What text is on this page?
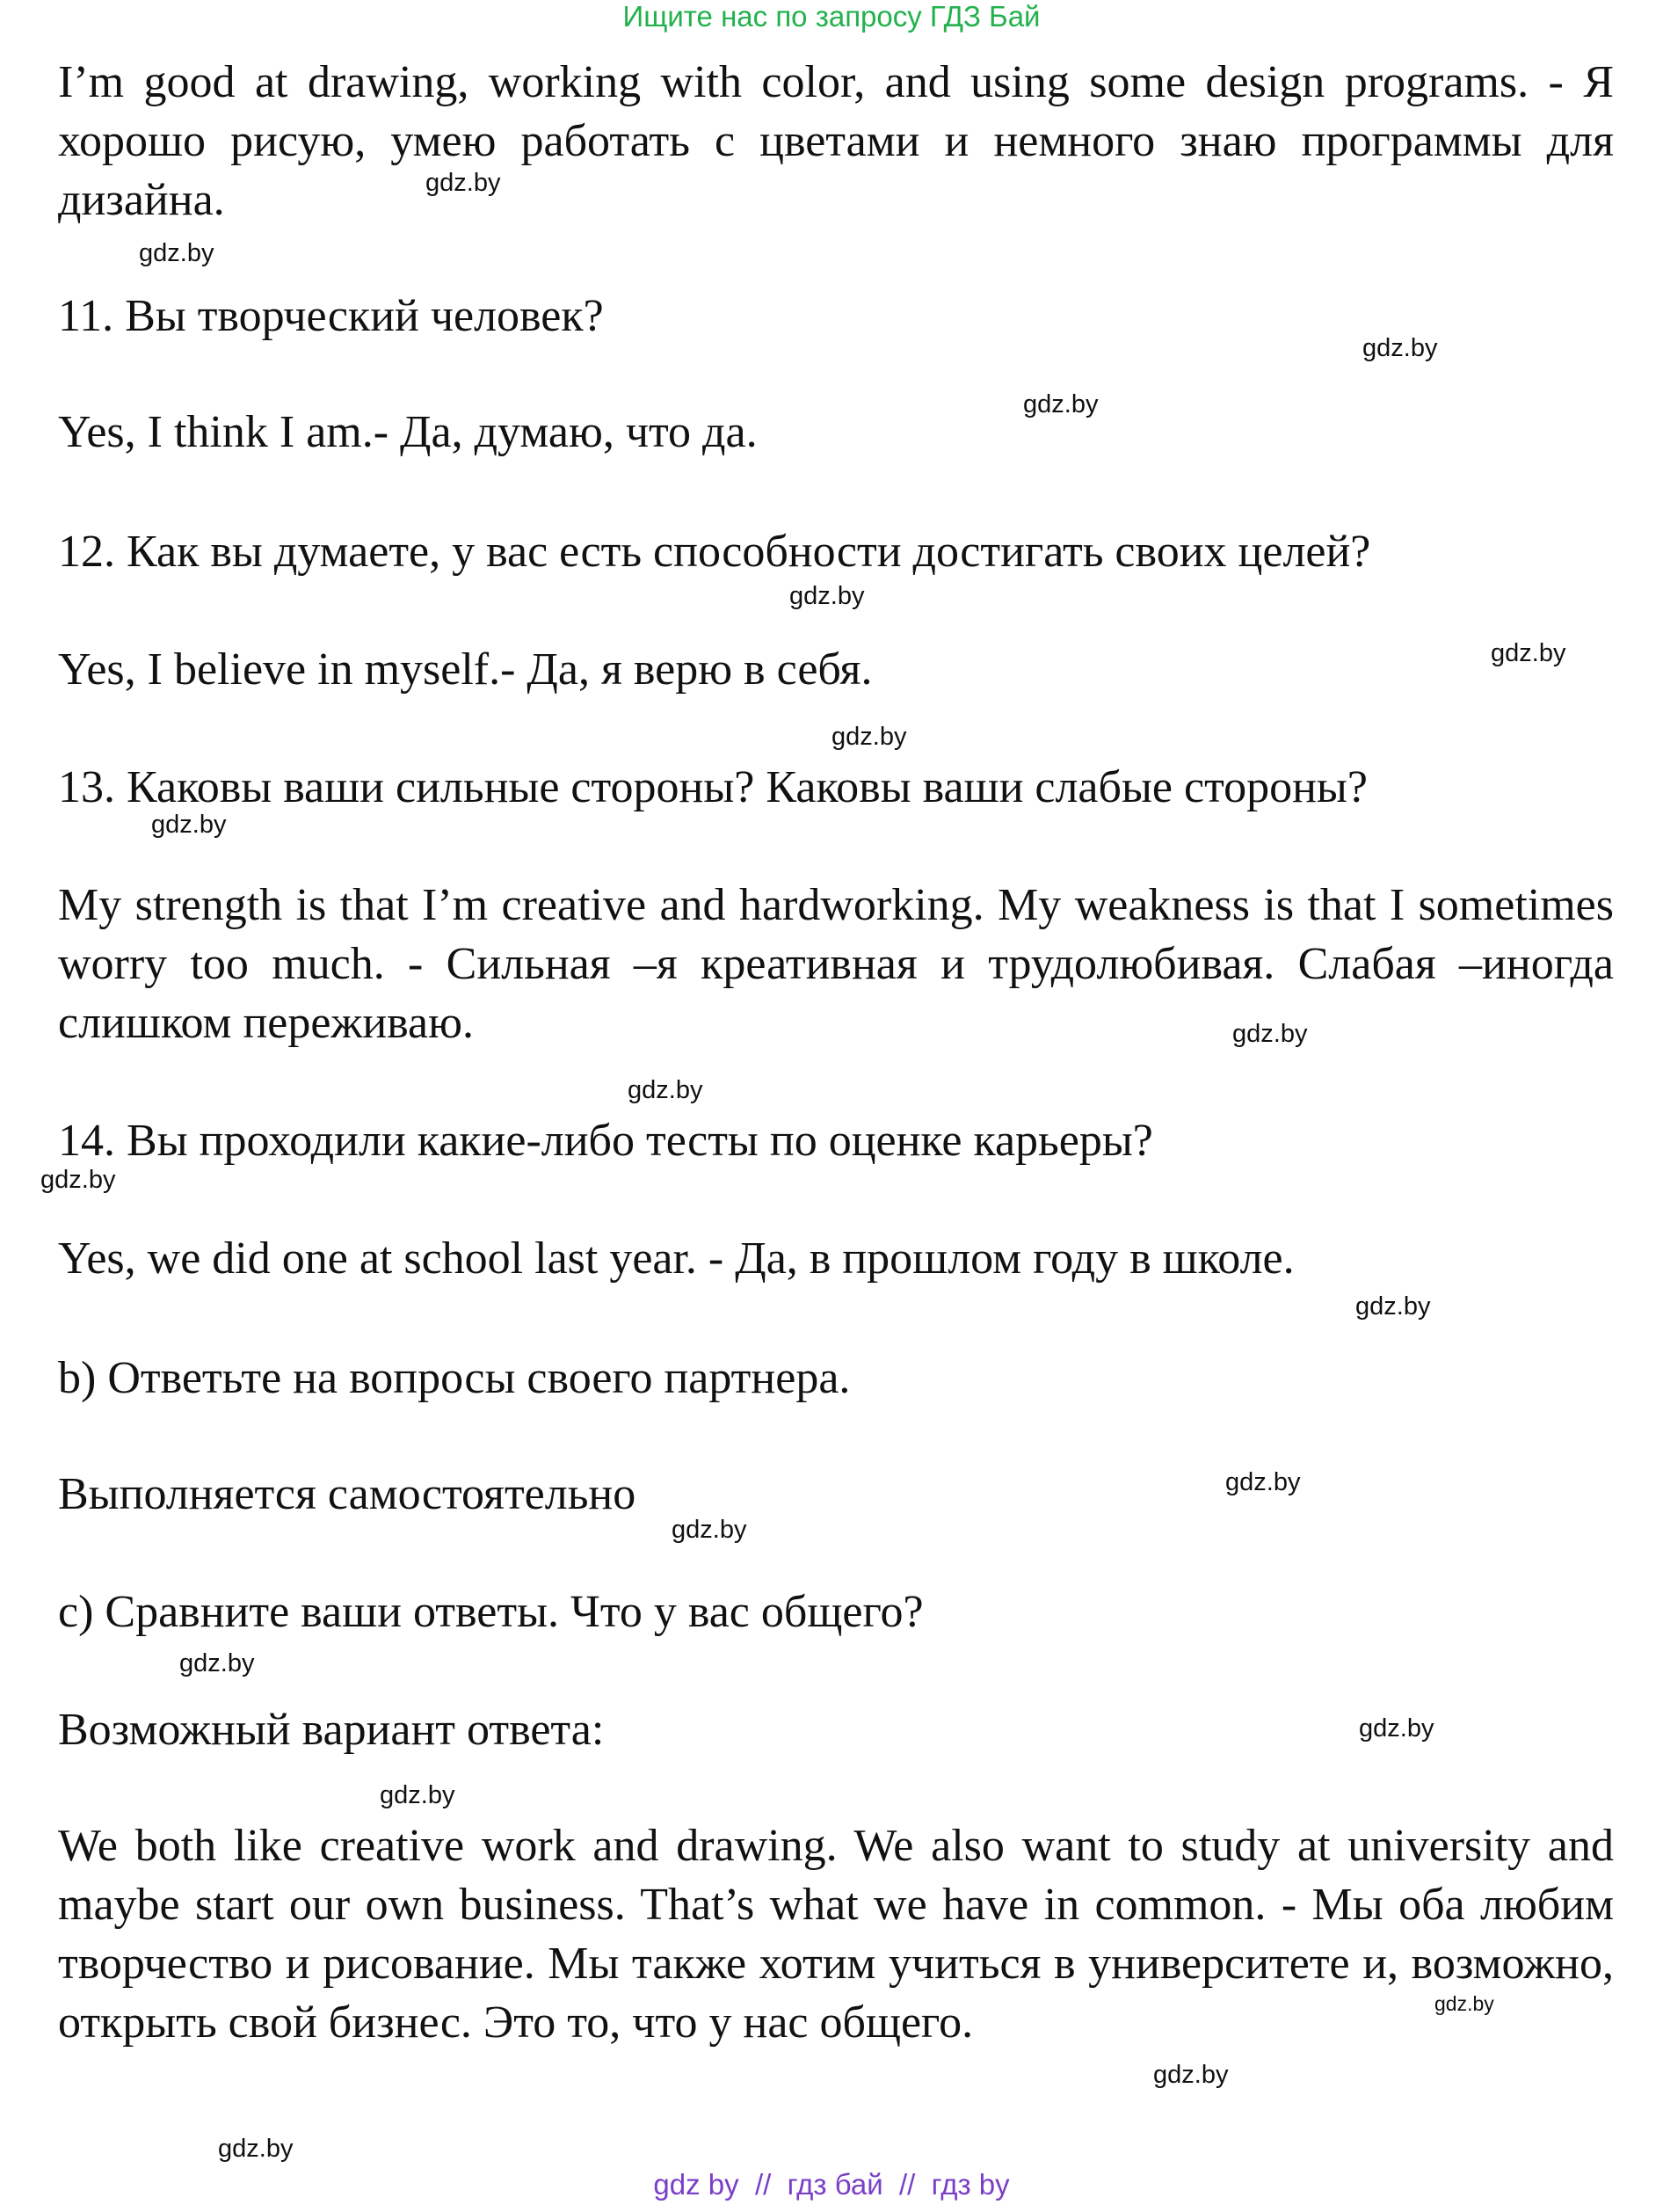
Ищите нас по запросу ГДЗ Бай
I’m good at drawing, working with color, and using some design programs. - Я хорошо рисую, умею работать с цветами и немного знаю программы для дизайна.
11. Вы творческий человек?
Yes, I think I am.- Да, думаю, что да.
12. Как вы думаете, у вас есть способности достигать своих целей?
Yes, I believe in myself.- Да, я верю в себя.
13. Каковы ваши сильные стороны? Каковы ваши слабые стороны?
My strength is that I’m creative and hardworking. My weakness is that I sometimes worry too much. - Сильная –я креативная и трудолюбивая. Слабая –иногда слишком переживаю.
14. Вы проходили какие-либо тесты по оценке карьеры?
Yes, we did one at school last year. - Да, в прошлом году в школе.
b) Ответьте на вопросы своего партнера.
Выполняется самостоятельно
c) Сравните ваши ответы. Что у вас общего?
Возможный вариант ответа:
We both like creative work and drawing. We also want to study at university and maybe start our own business. That’s what we have in common. - Мы оба любим творчество и рисование. Мы также хотим учиться в университете и, возможно, открыть свой бизнес. Это то, что у нас общего.
gdz.by
gdz.by
gdz.by
gdz.by
gdz.by
gdz.by
gdz.by
gdz.by
gdz.by
gdz.by
gdz.by
gdz.by
gdz.by
gdz.by
gdz.by
gdz.by
gdz.by
gdz.by
gdz.by
gdz.by
gdz by  //  гдз бай  //  гдз by
